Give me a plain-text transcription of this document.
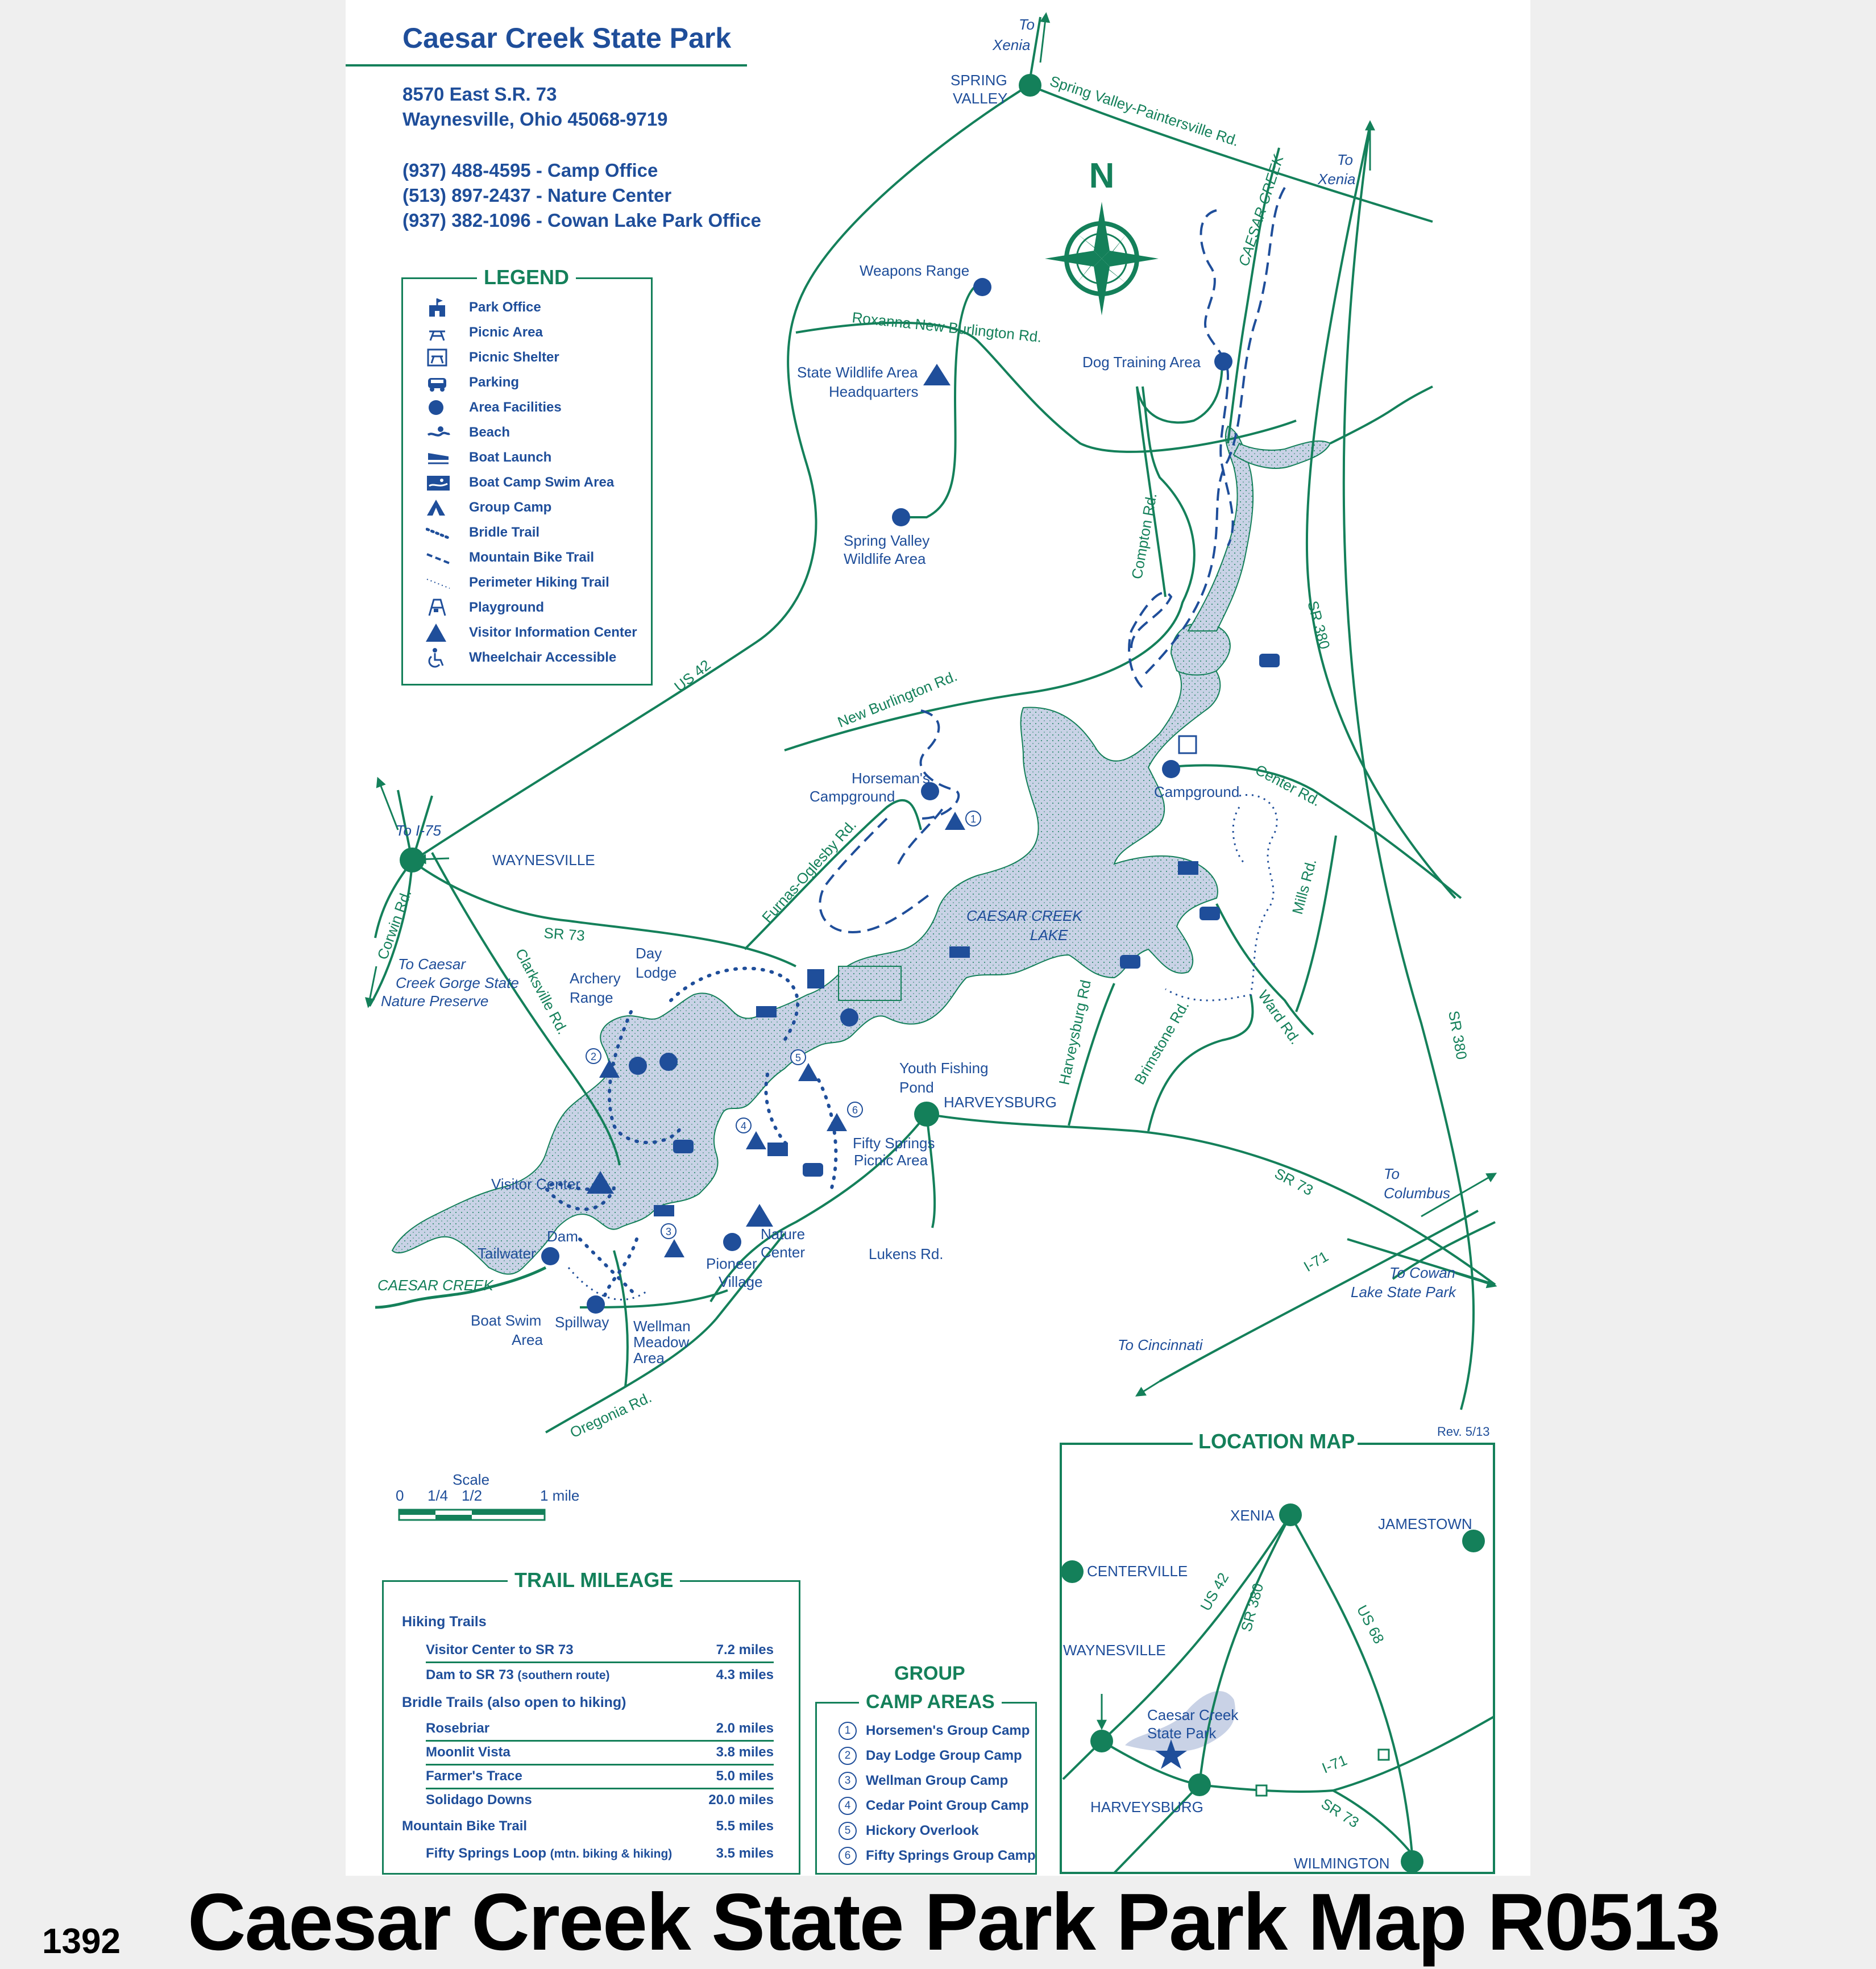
1
2
3
4
5
6
N
CAESAR CREEK
LAKE
CAESAR CREEK
CAESAR CREEK
SPRING
VALLEY
WAYNESVILLE
HARVEYSBURG
Spring Valley-Paintersville Rd.
Roxanna New Burlington Rd.
US 42	New Burlington Rd.
Compton Rd.
SR 380
SR 380
Center Rd.
Mills Rd.
Ward Rd.
Furnas-Oglesby Rd.
SR 73
SR 73
Corwin Rd.
Clarksville Rd.	Harveysburg Rd Brimstone Rd.
Lukens Rd.
Oregonia Rd.
I-71
To
Xenia
To
Xenia
To I-75
To Caesar
Creek Gorge State
Nature Preserve
To
Columbus
To Cowan
Lake State Park
To Cincinnati
Weapons Range
State Wildlife Area
Headquarters
Dog Training Area
Spring Valley
Wildlife Area
Horseman's
Campground	Campground
Day
Lodge
Archery
Range
Youth Fishing
Pond
Fifty Springs
Picnic Area
Visitor Center
Tailwater
Dam	Nature
Center
Pioneer
Village
Boat Swim
Area
Spillway Wellman
Meadow
Area
Scale
0 1/4 1/2	1 mile
LOCATION MAP	Rev. 5/13
XENIA	JAMESTOWN
CENTERVILLE
WAYNESVILLE
HARVEYSBURG
WILMINGTON
Caesar Creek
State Park
US 42 SR 380	US 68
I-71
SR 73
Caesar Creek State Park
8570 East S.R. 73
Waynesville, Ohio 45068-9719
(937) 488-4595 - Camp Office
(513) 897-2437 - Nature Center
(937) 382-1096 - Cowan Lake Park Office
LEGEND
Park Office
Picnic Area
Picnic Shelter
Parking
Area Facilities
Beach
Boat Launch
Boat Camp Swim Area
Group Camp
Bridle Trail
Mountain Bike Trail
Perimeter Hiking Trail
Playground
Visitor Information Center
Wheelchair Accessible
TRAIL MILEAGE
Hiking Trails
Visitor Center to SR 73	7.2 miles
Dam to SR 73 (southern route)	4.3 miles
Bridle Trails (also open to hiking)
Rosebriar	2.0 miles
Moonlit Vista	3.8 miles
Farmer's Trace	5.0 miles
Solidago Downs	20.0 miles
Mountain Bike Trail	5.5 miles
Fifty Springs Loop (mtn. biking & hiking)	3.5 miles
GROUP
CAMP AREAS
1	Horsemen's Group Camp
2	Day Lodge Group Camp
3	Wellman Group Camp
4	Cedar Point Group Camp
5	Hickory Overlook
6	Fifty Springs Group Camp
1392 Caesar Creek State Park Park Map R0513
